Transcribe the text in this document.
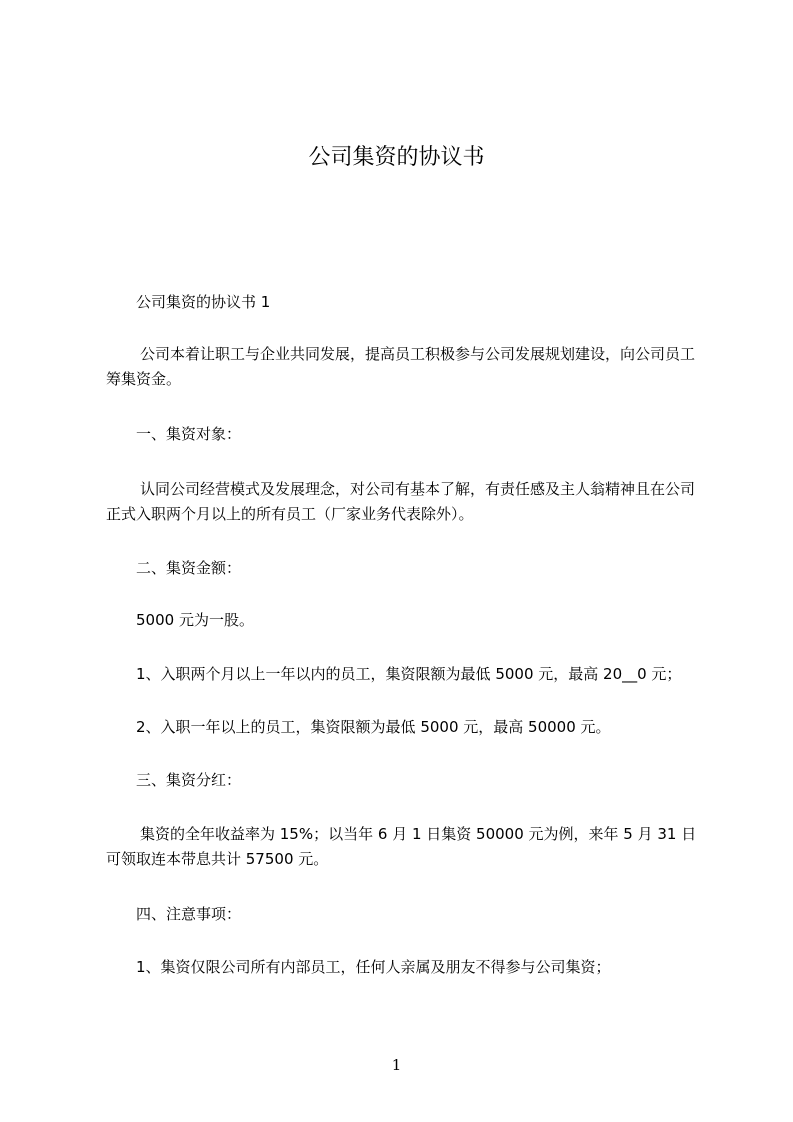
公司集资的协议书

公司集资的协议书 1

公司本着让职工与企业共同发展，提高员工积极参与公司发展规划建设，向公司员工筹集资金。

一、集资对象：

认同公司经营模式及发展理念，对公司有基本了解，有责任感及主人翁精神且在公司正式入职两个月以上的所有员工（厂家业务代表除外）。

二、集资金额：

5000 元为一股。

1、入职两个月以上一年以内的员工，集资限额为最低 5000 元，最高 20__0 元；

2、入职一年以上的员工，集资限额为最低 5000 元，最高 50000 元。

三、集资分红：

集资的全年收益率为 15%；以当年 6 月 1 日集资 50000 元为例，来年 5 月 31 日可领取连本带息共计 57500 元。

四、注意事项：

1、集资仅限公司所有内部员工，任何人亲属及朋友不得参与公司集资；

1
